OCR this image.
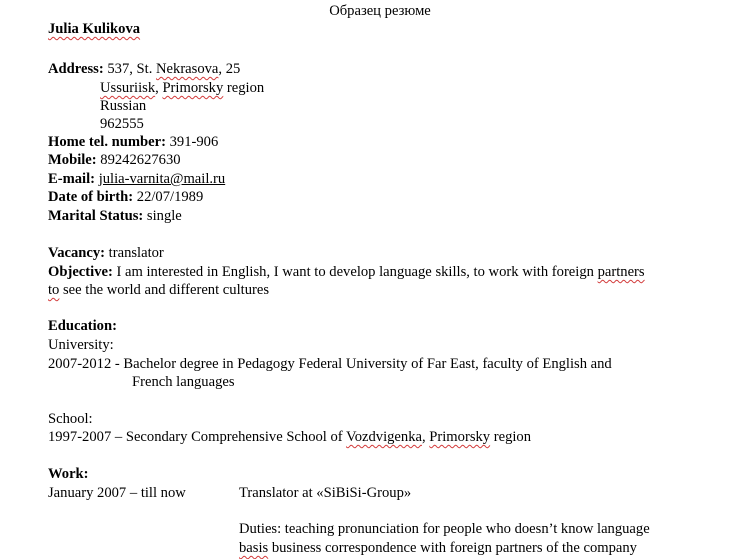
Образец резюме
Julia Kulikova
Address: 537, St. Nekrasova, 25
Ussuriisk, Primorsky region
Russian
962555
Home tel. number: 391-906
Mobile: 89242627630
E-mail: julia-varnita@mail.ru
Date of birth: 22/07/1989
Marital Status: single
Vacancy: translator
Objective: I am interested in English, I want to develop language skills, to work with foreign partners
to see the world and different cultures
Education:
University:
2007-2012 - Bachelor degree in Pedagogy Federal University of Far East, faculty of English and
French languages
School:
1997-2007 – Secondary Comprehensive School of Vozdvigenka, Primorsky region
Work:
January 2007 – till now	Translator at «SiBiSi-Group»
Duties: teaching pronunciation for people who doesn’t know language
basis business correspondence with foreign partners of the company
